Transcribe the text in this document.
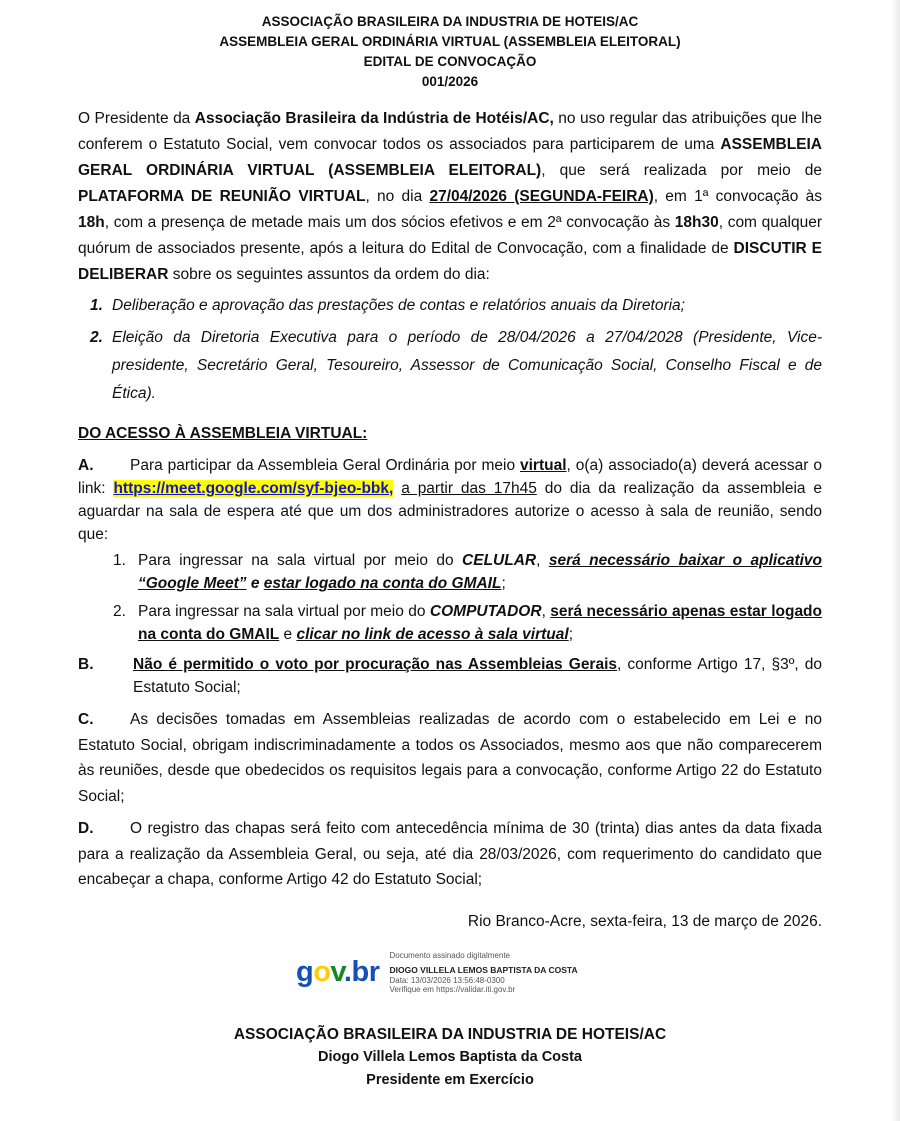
ASSOCIAÇÃO BRASILEIRA DA INDUSTRIA DE HOTEIS/AC
ASSEMBLEIA GERAL ORDINÁRIA VIRTUAL (ASSEMBLEIA ELEITORAL)
EDITAL DE CONVOCAÇÃO
001/2026

O Presidente da Associação Brasileira da Indústria de Hotéis/AC, no uso regular das atribuições que lhe conferem o Estatuto Social, vem convocar todos os associados para participarem de uma ASSEMBLEIA GERAL ORDINÁRIA VIRTUAL (ASSEMBLEIA ELEITORAL), que será realizada por meio de PLATAFORMA DE REUNIÃO VIRTUAL, no dia 27/04/2026 (SEGUNDA-FEIRA), em 1ª convocação às 18h, com a presença de metade mais um dos sócios efetivos e em 2ª convocação às 18h30, com qualquer quórum de associados presente, após a leitura do Edital de Convocação, com a finalidade de DISCUTIR E DELIBERAR sobre os seguintes assuntos da ordem do dia:

1. Deliberação e aprovação das prestações de contas e relatórios anuais da Diretoria;
2. Eleição da Diretoria Executiva para o período de 28/04/2026 a 27/04/2028 (Presidente, Vice-presidente, Secretário Geral, Tesoureiro, Assessor de Comunicação Social, Conselho Fiscal e de Ética).
DO ACESSO À ASSEMBLEIA VIRTUAL:
A. Para participar da Assembleia Geral Ordinária por meio virtual, o(a) associado(a) deverá acessar o link: https://meet.google.com/syf-bjeo-bbk, a partir das 17h45 do dia da realização da assembleia e aguardar na sala de espera até que um dos administradores autorize o acesso à sala de reunião, sendo que:
1. Para ingressar na sala virtual por meio do CELULAR, será necessário baixar o aplicativo “Google Meet” e estar logado na conta do GMAIL;
2. Para ingressar na sala virtual por meio do COMPUTADOR, será necessário apenas estar logado na conta do GMAIL e clicar no link de acesso à sala virtual;
B.	Não é permitido o voto por procuração nas Assembleias Gerais, conforme Artigo 17, §3º, do Estatuto Social;
C. As decisões tomadas em Assembleias realizadas de acordo com o estabelecido em Lei e no Estatuto Social, obrigam indiscriminadamente a todos os Associados, mesmo aos que não comparecerem às reuniões, desde que obedecidos os requisitos legais para a convocação, conforme Artigo 22 do Estatuto Social;
D. O registro das chapas será feito com antecedência mínima de 30 (trinta) dias antes da data fixada para a realização da Assembleia Geral, ou seja, até dia 28/03/2026, com requerimento do candidato que encabeçar a chapa, conforme Artigo 42 do Estatuto Social;
Rio Branco-Acre, sexta-feira, 13 de março de 2026.
gov.br
Documento assinado digitalmente
DIOGO VILLELA LEMOS BAPTISTA DA COSTA
Data: 13/03/2026 13:56:48-0300
Verifique em https://validar.iti.gov.br
ASSOCIAÇÃO BRASILEIRA DA INDUSTRIA DE HOTEIS/AC
Diogo Villela Lemos Baptista da Costa
Presidente em Exercício
